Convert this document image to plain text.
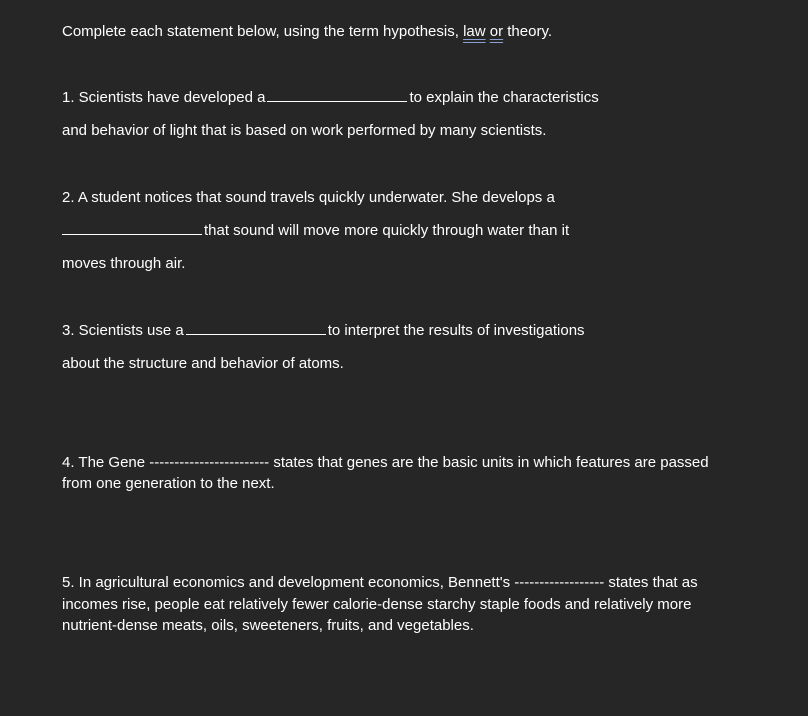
Complete each statement below, using the term hypothesis, law or theory.
1. Scientists have developed a	to explain the characteristics
and behavior of light that is based on work performed by many scientists.
2. A student notices that sound travels quickly underwater. She develops a
that sound will move more quickly through water than it
moves through air.
3. Scientists use a	to interpret the results of investigations
about the structure and behavior of atoms.
4. The Gene ------------------------ states that genes are the basic units in which features are passed
from one generation to the next.
5. In agricultural economics and development economics, Bennett's ------------------ states that as
incomes rise, people eat relatively fewer calorie-dense starchy staple foods and relatively more
nutrient-dense meats, oils, sweeteners, fruits, and vegetables.
